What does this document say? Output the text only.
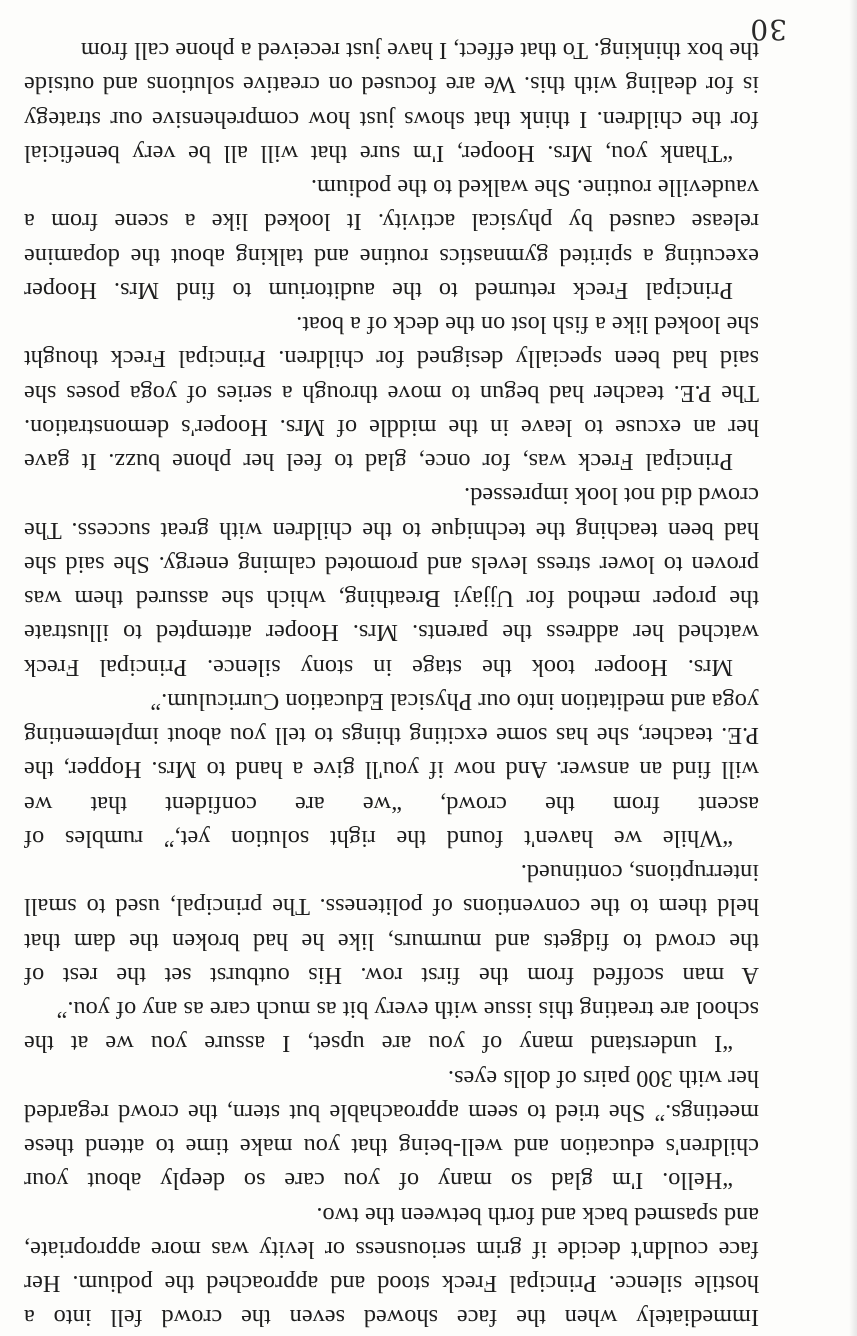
Immediately when the face showed seven the crowd fell into a
hostile silence. Principal Freck stood and approached the podium. Her
face couldn't decide if grim seriousness or levity was more appropriate,
and spasmed back and forth between the two.
“Hello. I'm glad so many of you care so deeply about your
children's education and well-being that you make time to attend these
meetings.” She tried to seem approachable but stern, the crowd regarded
her with 300 pairs of dolls eyes.
“I understand many of you are upset, I assure you we at the
school are treating this issue with every bit as much care as any of you.”
A man scoffed from the first row. His outburst set the rest of
the crowd to fidgets and murmurs, like he had broken the dam that
held them to the conventions of politeness. The principal, used to small
interruptions, continued.
“While we haven't found the right solution yet,” rumbles of
ascent from the crowd, “we are confident that we
will find an answer. And now if you'll give a hand to Mrs. Hopper, the
P.E. teacher, she has some exciting things to tell you about implementing
yoga and meditation into our Physical Education Curriculum.”
Mrs. Hooper took the stage in stony silence. Principal Freck
watched her address the parents. Mrs. Hooper attempted to illustrate
the proper method for Ujjayi Breathing, which she assured them was
proven to lower stress levels and promoted calming energy. She said she
had been teaching the technique to the children with great success. The
crowd did not look impressed.
Principal Freck was, for once, glad to feel her phone buzz. It gave
her an excuse to leave in the middle of Mrs. Hooper's demonstration.
The P.E. teacher had begun to move through a series of yoga poses she
said had been specially designed for children. Principal Freck thought
she looked like a fish lost on the deck of a boat.
Principal Freck returned to the auditorium to find Mrs. Hooper
executing a spirited gymnastics routine and talking about the dopamine
release caused by physical activity. It looked like a scene from a
vaudeville routine. She walked to the podium.
“Thank you, Mrs. Hooper, I'm sure that will all be very beneficial
for the children. I think that shows just how comprehensive our strategy
is for dealing with this. We are focused on creative solutions and outside
the box thinking. To that effect, I have just received a phone call from
30
